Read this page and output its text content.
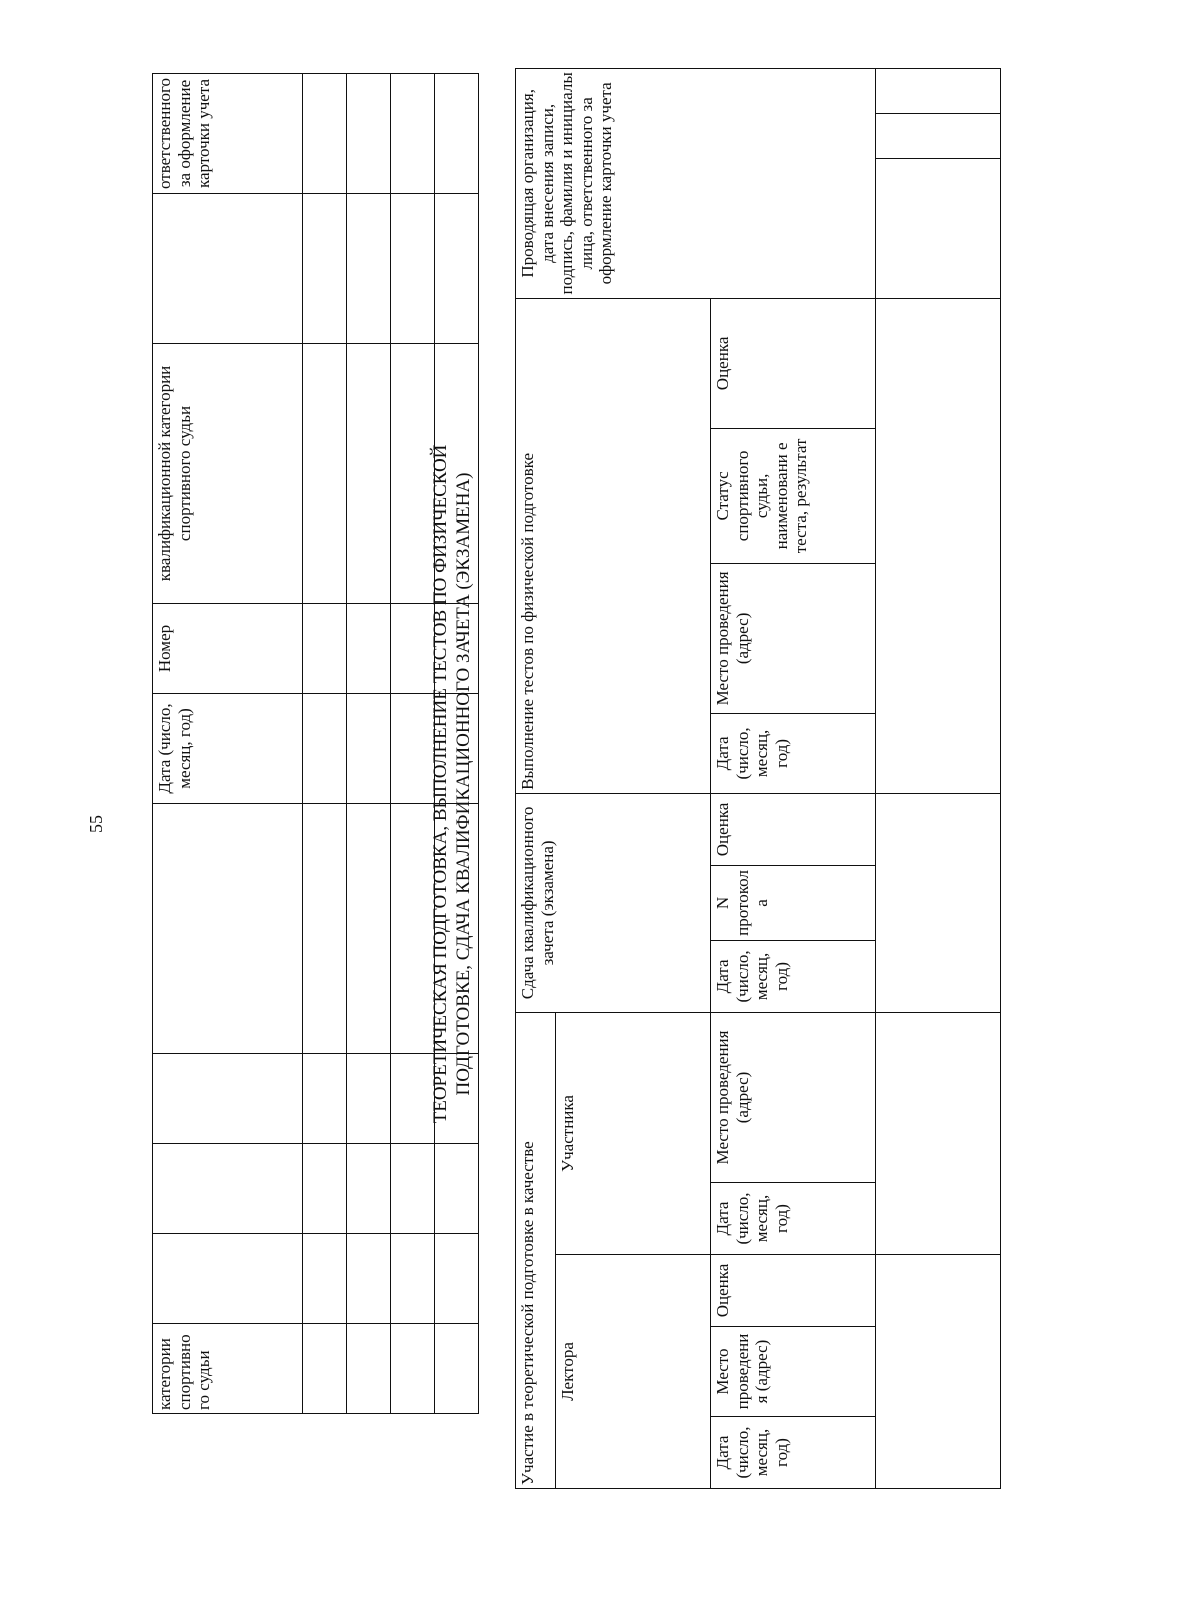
55
категории спортивно го судьи					Дата (число, месяц, год)	Номер	квалификационной категории спортивного судьи		ответственного за оформление карточки учета

ТЕОРЕТИЧЕСКАЯ ПОДГОТОВКА, ВЫПОЛНЕНИЕ ТЕСТОВ ПО ФИЗИЧЕСКОЙ ПОДГОТОВКЕ, СДАЧА КВАЛИФИКАЦИОННОГО ЗАЧЕТА (ЭКЗАМЕНА)
Участие в теоретической подготовке в качестве					Сдача квалификационного зачета (экзамена)			Выполнение тестов по физической подготовке				Проводящая организация, дата внесения записи, подпись, фамилия и инициалы лица, ответственного за оформление карточки учета		
Лектора			Участника											
Дата (число, месяц, год)	Место проведени я (адрес)	Оценка	Дата (число, месяц, год)	Место проведения (адрес)	Дата (число, месяц, год)	N протокола	Оценка	Дата (число, месяц, год)	Место проведения (адрес)	Статус спортивного судьи, наименовани е теста, результат	Оценка			
